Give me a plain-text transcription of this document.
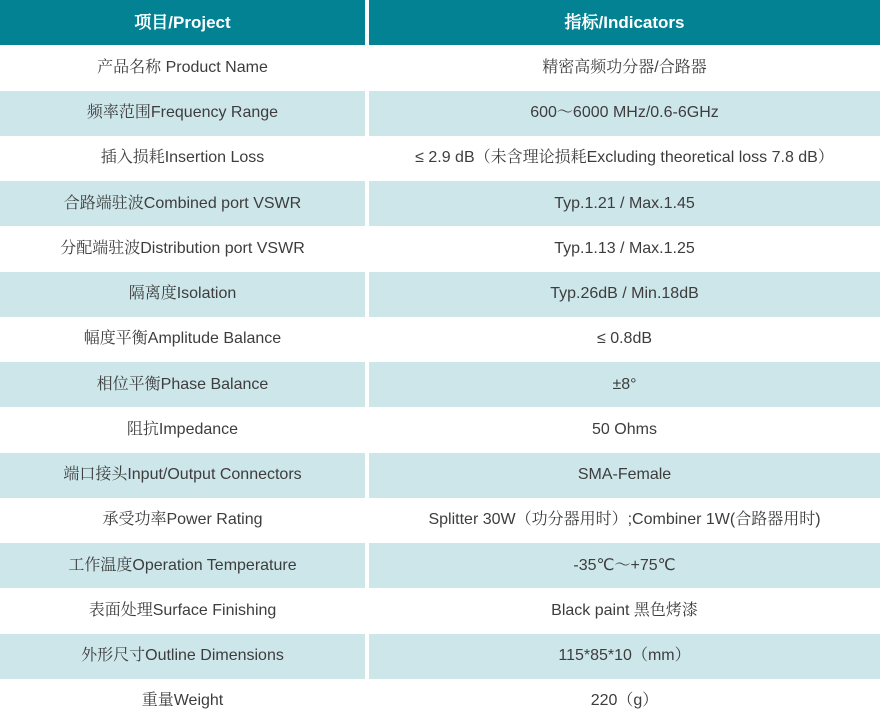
项目/Project	指标/Indicators
产品名称 Product Name	精密高频功分器/合路器
频率范围Frequency Range	600～6000 MHz/0.6-6GHz
插入损耗Insertion Loss	≤ 2.9 dB（未含理论损耗Excluding theoretical loss 7.8 dB）
合路端驻波Combined port VSWR	Typ.1.21 / Max.1.45
分配端驻波Distribution port VSWR	Typ.1.13 / Max.1.25
隔离度Isolation	Typ.26dB / Min.18dB
幅度平衡Amplitude Balance	≤ 0.8dB
相位平衡Phase Balance	±8°
阻抗Impedance	50 Ohms
端口接头Input/Output Connectors	SMA-Female
承受功率Power Rating	Splitter 30W（功分器用时）;Combiner 1W(合路器用时)
工作温度Operation Temperature	-35℃～+75℃
表面处理Surface Finishing	Black paint 黑色烤漆
外形尺寸Outline Dimensions	115*85*10（mm）
重量Weight	220（g）
